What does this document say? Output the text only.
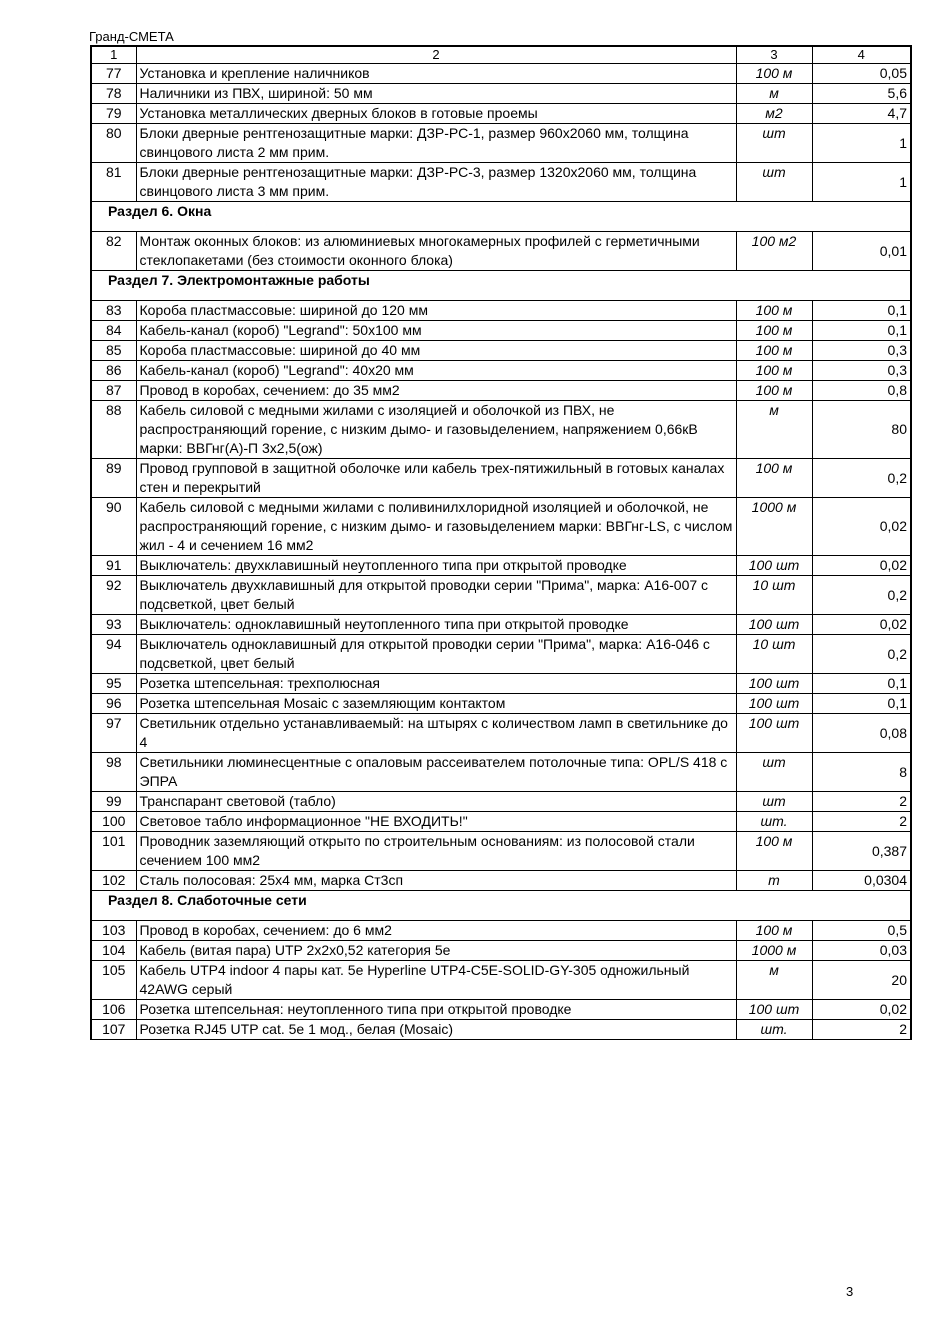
Гранд-СМЕТА
1	2	3	4
77	Установка и крепление наличников	100 м	0,05
78	Наличники из ПВХ, шириной: 50 мм	м	5,6
79	Установка металлических дверных блоков в готовые проемы	м2	4,7
80	Блоки дверные рентгенозащитные марки: ДЗР-РС-1, размер 960х2060 мм, толщина свинцового листа 2 мм прим.	шт	1
81	Блоки дверные рентгенозащитные марки: ДЗР-РС-3, размер 1320х2060 мм, толщина свинцового листа 3 мм прим.	шт	1
Раздел 6. Окна			
82	Монтаж оконных блоков: из алюминиевых многокамерных профилей с герметичными стеклопакетами (без стоимости оконного блока)	100 м2	0,01
Раздел 7. Электромонтажные работы			
83	Короба пластмассовые: шириной до 120 мм	100 м	0,1
84	Кабель-канал (короб) "Legrand": 50х100 мм	100 м	0,1
85	Короба пластмассовые: шириной до 40 мм	100 м	0,3
86	Кабель-канал (короб) "Legrand": 40х20 мм	100 м	0,3
87	Провод в коробах, сечением: до 35 мм2	100 м	0,8
88	Кабель силовой с медными жилами с изоляцией и оболочкой из ПВХ, не распространяющий горение, с низким дымо- и газовыделением, напряжением 0,66кВ марки: ВВГнг(А)-П 3х2,5(ож)	м	80
89	Провод групповой в защитной оболочке или кабель трех-пятижильный в готовых каналах стен и перекрытий	100 м	0,2
90	Кабель силовой с медными жилами с поливинилхлоридной изоляцией и оболочкой, не распространяющий горение, с низким дымо- и газовыделением марки: ВВГнг-LS, с числом жил - 4 и сечением 16 мм2	1000 м	0,02
91	Выключатель: двухклавишный неутопленного типа при открытой проводке	100 шт	0,02
92	Выключатель двухклавишный для открытой проводки серии "Прима", марка: А16-007 с подсветкой, цвет белый	10 шт	0,2
93	Выключатель: одноклавишный неутопленного типа при открытой проводке	100 шт	0,02
94	Выключатель одноклавишный для открытой проводки серии "Прима", марка: А16-046 с подсветкой, цвет белый	10 шт	0,2
95	Розетка штепсельная: трехполюсная	100 шт	0,1
96	Розетка штепсельная Mosaic с заземляющим контактом	100 шт	0,1
97	Светильник отдельно устанавливаемый: на штырях с количеством ламп в светильнике до 4	100 шт	0,08
98	Светильники люминесцентные с опаловым рассеивателем потолочные типа: OPL/S 418 с ЭПРА	шт	8
99	Транспарант световой (табло)	шт	2
100	Световое табло информационное "НЕ ВХОДИТЬ!"	шт.	2
101	Проводник заземляющий открыто по строительным основаниям: из полосовой стали сечением 100 мм2	100 м	0,387
102	Сталь полосовая: 25х4 мм, марка Ст3сп	т	0,0304
Раздел 8. Слаботочные сети			
103	Провод в коробах, сечением: до 6 мм2	100 м	0,5
104	Кабель (витая пара) UTP 2х2х0,52 категория 5е	1000 м	0,03
105	Кабель UTP4 indoor 4 пары кат. 5е Hyperline UTP4-C5E-SOLID-GY-305 одножильный 42AWG серый	м	20
106	Розетка штепсельная: неутопленного типа при открытой проводке	100 шт	0,02
107	Розетка RJ45 UTP cat. 5e 1 мод., белая (Mosaic)	шт.	2
3
